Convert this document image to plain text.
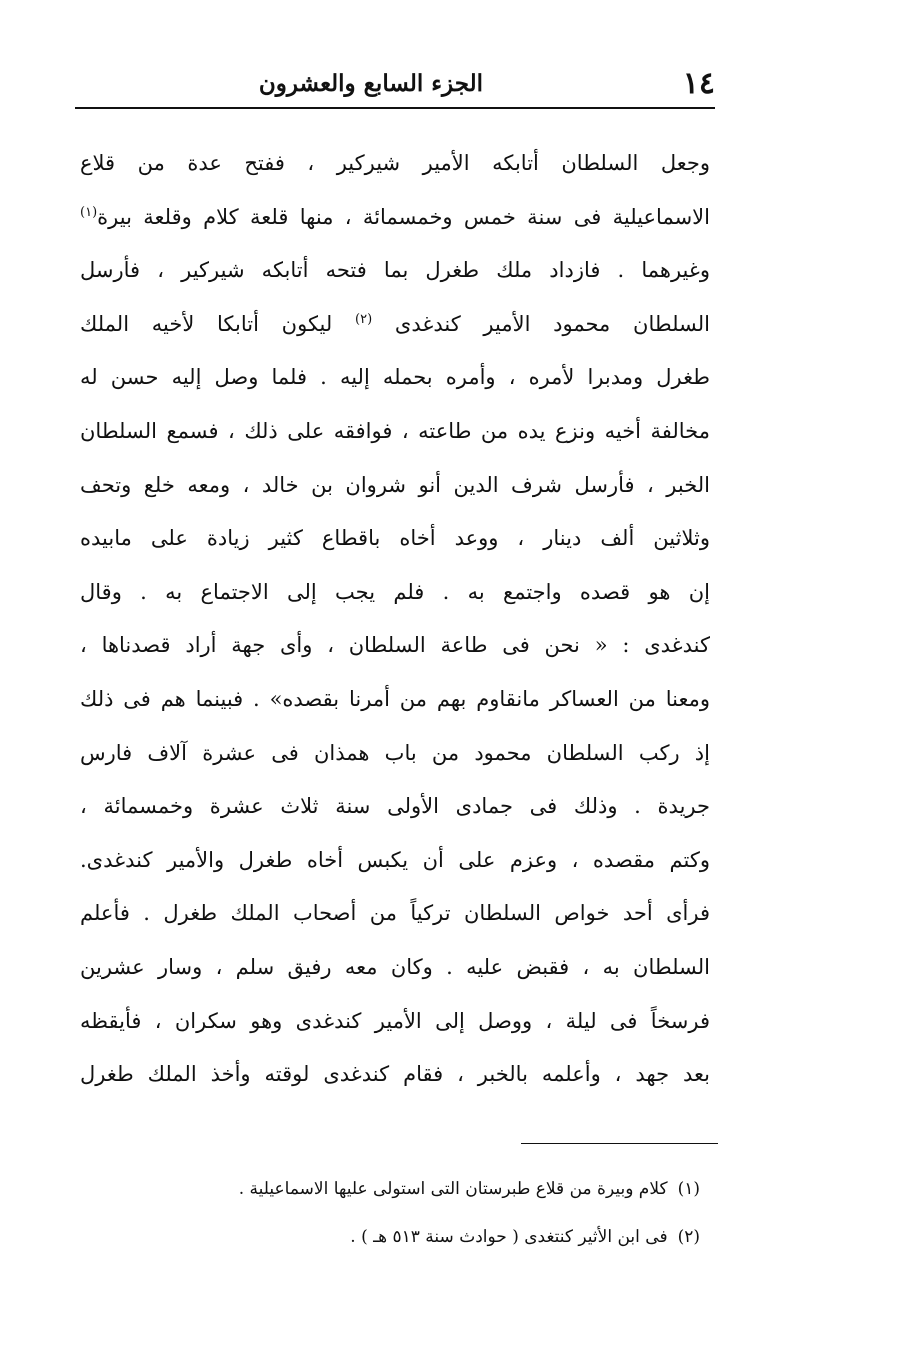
١٤
الجزء السابع والعشرون
وجعل السلطان أتابكه الأمير شيركير ، ففتح عدة من قلاع
الاسماعيلية فى سنة خمس وخمسمائة ، منها قلعة كلام وقلعة بيرة$^{(١)}$
وغيرهما . فازداد ملك طغرل بما فتحه أتابكه شيركير ، فأرسل
السلطان محمود الأمير كندغدى $^{(٢)}$ ليكون أتابكا لأخيه الملك
طغرل ومدبرا لأمره ، وأمره بحمله إليه . فلما وصل إليه حسن له
مخالفة أخيه ونزع يده من طاعته ، فوافقه على ذلك ، فسمع السلطان
الخبر ، فأرسل شرف الدين أنو شروان بن خالد ، ومعه خلع وتحف
وثلاثين ألف دينار ، ووعد أخاه باقطاع كثير زيادة على مابيده
إن هو قصده واجتمع به . فلم يجب إلى الاجتماع به . وقال
كندغدى : « نحن فى طاعة السلطان ، وأى جهة أراد قصدناها ،
ومعنا من العساكر مانقاوم بهم من أمرنا بقصده» . فبينما هم فى ذلك
إذ ركب السلطان محمود من باب همذان فى عشرة آلاف فارس
جريدة . وذلك فى جمادى الأولى سنة ثلاث عشرة وخمسمائة ،
وكتم مقصده ، وعزم على أن يكبس أخاه طغرل والأمير كندغدى.
فرأى أحد خواص السلطان تركياً من أصحاب الملك طغرل . فأعلم
السلطان به ، فقبض عليه . وكان معه رفيق سلم ، وسار عشرين
فرسخاً فى ليلة ، ووصل إلى الأمير كندغدى وهو سكران ، فأيقظه
بعد جهد ، وأعلمه بالخبر ، فقام كندغدى لوقته وأخذ الملك طغرل
(١)كلام وبيرة من قلاع طبرستان التى استولى عليها الاسماعيلية .
(٢)فى ابن الأثير كنتغدى ( حوادث سنة ٥١٣ هـ ) .
